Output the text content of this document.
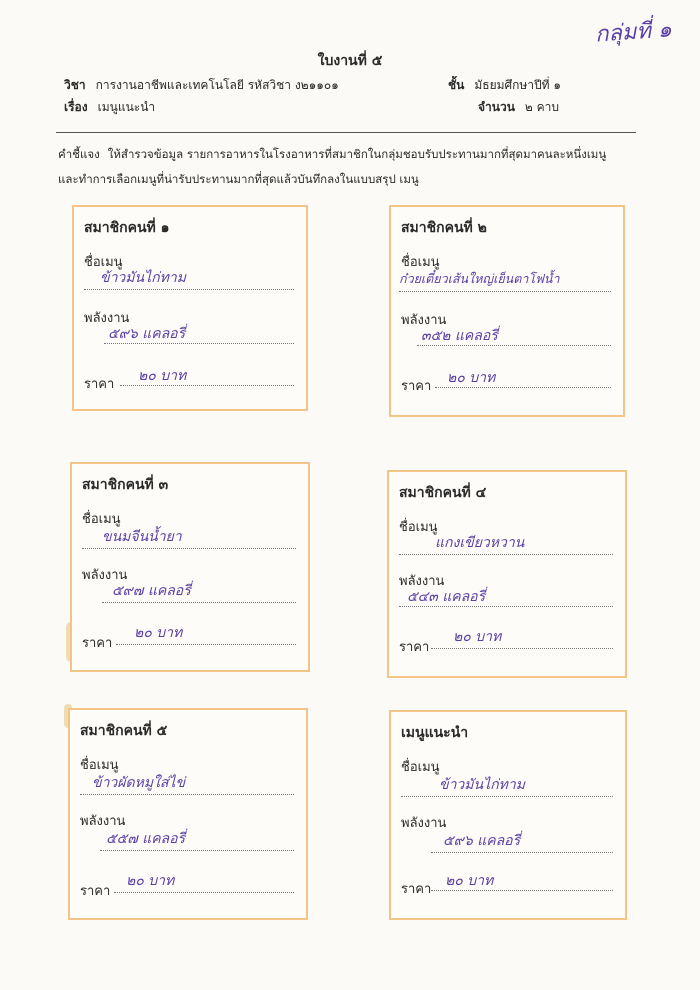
กลุ่มที่ ๑
ใบงานที่ ๕
วิชา การงานอาชีพและเทคโนโลยี รหัสวิชา ง๒๑๑๐๑	ชั้น มัธยมศึกษาปีที่ ๑
เรื่อง เมนูแนะนำ	จำนวน ๒ คาบ
คำชี้แจง ให้สำรวจข้อมูล รายการอาหารในโรงอาหารที่สมาชิกในกลุ่มชอบรับประทานมากที่สุดมาคนละหนึ่งเมนู
และทำการเลือกเมนูที่น่ารับประทานมากที่สุดแล้วบันทึกลงในแบบสรุป เมนู
สมาชิกคนที่ ๑
ชื่อเมนู
ข้าวมันไก่ทาม
พลังงาน
๕๙๖ แคลอรี่
ราคา
๒๐ บาท
สมาชิกคนที่ ๒
ชื่อเมนู
ก๋วยเตี๋ยวเส้นใหญ่เย็นตาโฟน้ำ
พลังงาน
๓๕๒ แคลอรี่
ราคา
๒๐ บาท
สมาชิกคนที่ ๓
ชื่อเมนู
ขนมจีนน้ำยา
พลังงาน
๕๙๗ แคลอรี่
ราคา
๒๐ บาท
สมาชิกคนที่ ๔
ชื่อเมนู
แกงเขียวหวาน
พลังงาน
๕๔๓ แคลอรี่
ราคา
๒๐ บาท
สมาชิกคนที่ ๕
ชื่อเมนู
ข้าวผัดหมูใส่ไข่
พลังงาน
๕๕๗ แคลอรี่
ราคา
๒๐ บาท
เมนูแนะนำ
ชื่อเมนู
ข้าวมันไก่ทาม
พลังงาน
๕๙๖ แคลอรี่
ราคา
๒๐ บาท
